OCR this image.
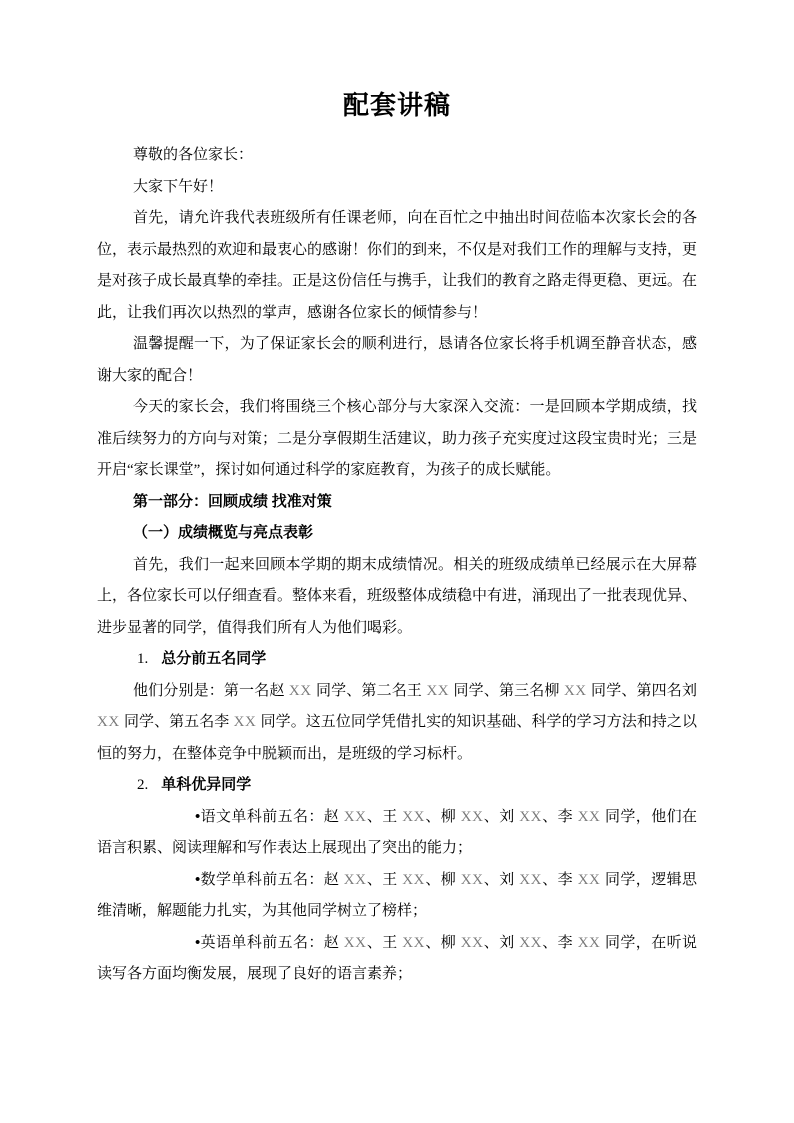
配套讲稿

尊敬的各位家长：

大家下午好！

首先，请允许我代表班级所有任课老师，向在百忙之中抽出时间莅临本次家长会的各位，表示最热烈的欢迎和最衷心的感谢！你们的到来，不仅是对我们工作的理解与支持，更是对孩子成长最真挚的牵挂。正是这份信任与携手，让我们的教育之路走得更稳、更远。在此，让我们再次以热烈的掌声，感谢各位家长的倾情参与！

温馨提醒一下，为了保证家长会的顺利进行，恳请各位家长将手机调至静音状态，感谢大家的配合！

今天的家长会，我们将围绕三个核心部分与大家深入交流：一是回顾本学期成绩，找准后续努力的方向与对策；二是分享假期生活建议，助力孩子充实度过这段宝贵时光；三是开启“家长课堂”，探讨如何通过科学的家庭教育，为孩子的成长赋能。

第一部分：回顾成绩 找准对策

（一）成绩概览与亮点表彰

首先，我们一起来回顾本学期的期末成绩情况。相关的班级成绩单已经展示在大屏幕上，各位家长可以仔细查看。整体来看，班级整体成绩稳中有进，涌现出了一批表现优异、进步显著的同学，值得我们所有人为他们喝彩。

1. 总分前五名同学

他们分别是：第一名赵 XX 同学、第二名王 XX 同学、第三名柳 XX 同学、第四名刘 XX 同学、第五名李 XX 同学。这五位同学凭借扎实的知识基础、科学的学习方法和持之以恒的努力，在整体竞争中脱颖而出，是班级的学习标杆。

2. 单科优异同学

•语文单科前五名：赵 XX、王 XX、柳 XX、刘 XX、李 XX 同学，他们在语言积累、阅读理解和写作表达上展现出了突出的能力；

•数学单科前五名：赵 XX、王 XX、柳 XX、刘 XX、李 XX 同学，逻辑思维清晰，解题能力扎实，为其他同学树立了榜样；

•英语单科前五名：赵 XX、王 XX、柳 XX、刘 XX、李 XX 同学，在听说读写各方面均衡发展，展现了良好的语言素养；
